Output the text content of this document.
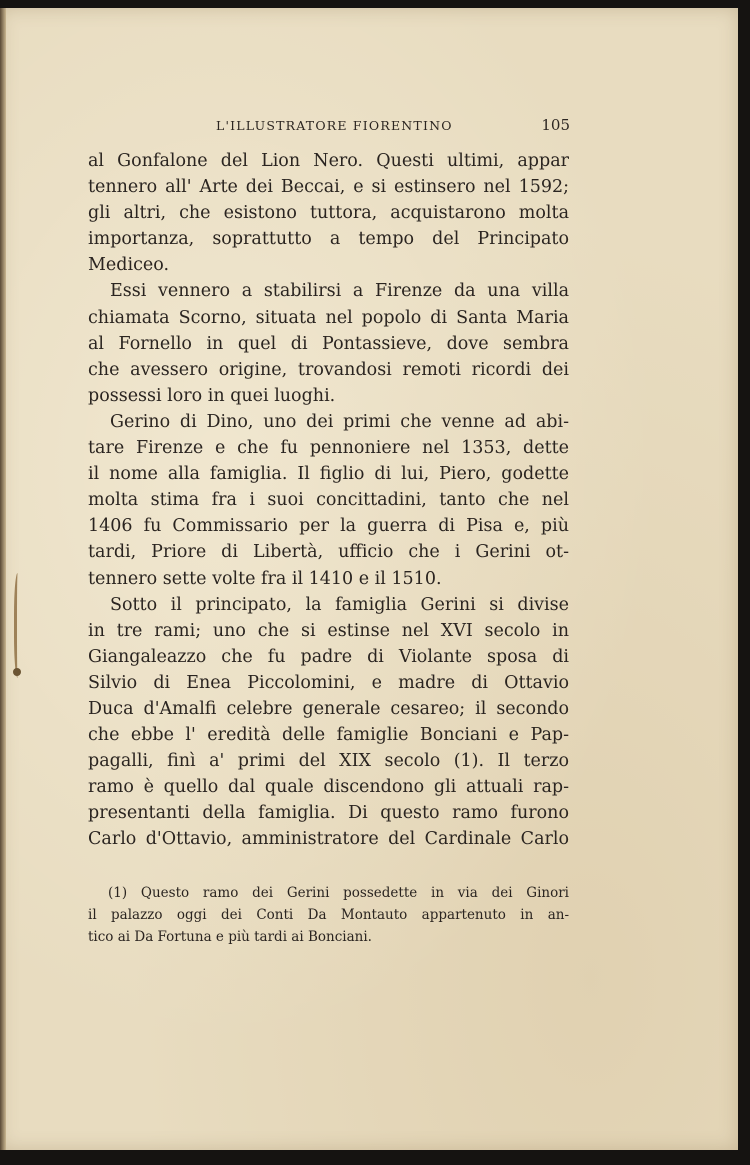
L'ILLUSTRATORE FIORENTINO	105
al Gonfalone del Lion Nero. Questi ultimi, appar
tennero all' Arte dei Beccai, e si estinsero nel 1592;
gli altri, che esistono tuttora, acquistarono molta
importanza, soprattutto a tempo del Principato
Mediceo.
Essi vennero a stabilirsi a Firenze da una villa
chiamata Scorno, situata nel popolo di Santa Maria
al Fornello in quel di Pontassieve, dove sembra
che avessero origine, trovandosi remoti ricordi dei
possessi loro in quei luoghi.
Gerino di Dino, uno dei primi che venne ad abi-
tare Firenze e che fu pennoniere nel 1353, dette
il nome alla famiglia. Il figlio di lui, Piero, godette
molta stima fra i suoi concittadini, tanto che nel
1406 fu Commissario per la guerra di Pisa e, più
tardi, Priore di Libertà, ufficio che i Gerini ot-
tennero sette volte fra il 1410 e il 1510.
Sotto il principato, la famiglia Gerini si divise
in tre rami; uno che si estinse nel XVI secolo in
Giangaleazzo che fu padre di Violante sposa di
Silvio di Enea Piccolomini, e madre di Ottavio
Duca d'Amalfi celebre generale cesareo; il secondo
che ebbe l' eredità delle famiglie Bonciani e Pap-
pagalli, finì a' primi del XIX secolo (1). Il terzo
ramo è quello dal quale discendono gli attuali rap-
presentanti della famiglia. Di questo ramo furono
Carlo d'Ottavio, amministratore del Cardinale Carlo
(1) Questo ramo dei Gerini possedette in via dei Ginori
il palazzo oggi dei Conti Da Montauto appartenuto in an-
tico ai Da Fortuna e più tardi ai Bonciani.
